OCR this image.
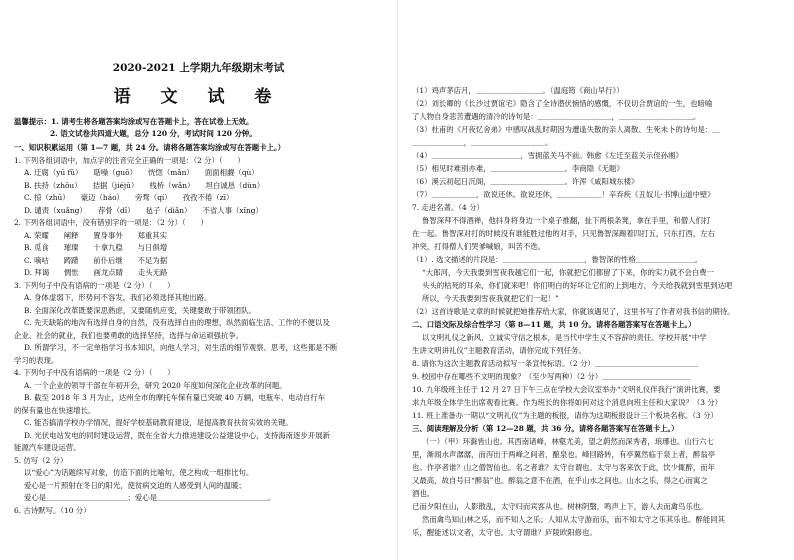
2020-2021 上学期九年级期末考试
语 文 试 卷
温馨提示：1. 请考生将各题答案均涂或写在答题卡上，答在试卷上无效。
2. 语文试卷共四道大题，总分 120 分，考试时间 120 分钟。
一、知识积累运用（第 1—7 题，共 24 分。请将各题答案均涂或写在答题卡上。）
1. 下列各组词语中，加点字的注音完全正确的一项是：（2 分）（　　）
A. 迂腐（yū fǔ）　　聒噪（guō）　　恍惚（mǎn）　　面面相觑（qù）
B. 扶持（zhǒu）　　拮据（jiéjū）　　栈桥（wǎn）　　坦白诚恳（dùn）
C. 掠（zhū）　　豪迈（háo）　　旁骛（qí）　　孜孜不倦（zī）
D. 谴责（xuǎng）　　荐骨（dǐ）　　毡子（diǎn）　　不省人事（xǐng）
2. 下列各组词语中，没有错别字的一项是：（2 分）（　　）
A. 荣耀　　阐释　　置身事外　　郑重其实
B. 觅食　　璀璨　　十拿九稳　　与日俱增
C. 嘀咕　　踌躇　　前仆后继　　不足为据
D. 拜谒　　惆怅　　画龙点睛　　走头无路
3. 下列句子中没有语病的一项是（2 分）（　　）
A. 身体虚弱下，形势问不容发，我们必须选择其他出路。
B. 全面深化改革既要深思熟虑，又要随机应变，关键要敢于带领团队。
C. 先天缺陷的地沟有选择自身的自然，没有选择自由的理想，纵然面临生活、工作的不便以及
企业、社会的就业，我们也要勇敢的选择坚持，选择与命运顽强抗争。
D. 所谓学习，不一定单指学习书本知识，向他人学习，对生活的细节观察、思考，这些都是不断
学习的表现。
4. 下列句子中没有语病的一项是（2 分）（　　）
A. 一个企业的领导干部在年初开会，研究 2020 年度如何深化企业改革的问题。
B. 截至 2018 年 3 月为止，达州全市的摩托车保有量已突破 40 万辆，电瓶车、电动自行车
的保有量也在快速增长。
C. 能否搞清学校办学情况，提好学校基础教育建设，是提高教育扶贫实效的关键。
D. 光伏电站发电的同时建设运营，既在全省大力推进建设公益建设中心，支持海南逐步开展新
能源汽车建设运营。
5. 仿写（2 分）
以“爱心”为话题续写对象，仿造下面的比喻句，使之构成一组排比句。
爱心是一片照射在冬日的阳光，使贫病交迫的人感受到人间的温暖；
爱心是＿＿＿＿＿＿＿＿＿＿＿；爱心是＿＿＿＿＿＿＿＿＿＿＿＿＿＿＿。
6. 古诗默写。（10 分）
（1）鸡声茅店月，＿＿＿＿＿＿＿＿＿。（温庭筠《商山早行》）
（2）刘长卿的《长沙过贾谊宅》隐含了全诗潜伏惋惜的感慨，不仅切合贾谊的一生，也暗喻
了人物自身悲苦遭遇的清冷的诗句是：＿＿＿＿＿＿＿＿＿＿，＿＿＿＿＿＿＿＿＿＿。
（3）杜甫的《月夜忆舍弟》中感叹战乱时期因为遭逢失散的亲人离散、生死未卜的诗句是：＿
＿＿＿＿＿＿＿，＿＿＿＿＿＿＿＿＿＿。
（4）＿＿＿＿＿＿＿＿＿＿＿＿，雪拥蓝关马不前。韩愈《左迁至蓝关示侄孙湘》
（5）相见时难别亦难，＿＿＿＿＿＿＿＿＿＿。李商隐《无题》
（6）溪云初起日沉阁，＿＿＿＿＿＿＿＿＿＿。许浑《咸阳城东楼》
（7）＿＿＿＿＿＿，欲说还休。欲说还休，＿＿＿＿＿＿！辛弃疾《丑奴儿·书博山道中壁》
7. 走进名著。（4 分）
鲁智深拜不得酒禅，他抖身将身边一个桌子推翻，扯下两根条凳，拿在手里，和僧人们打
在一起。鲁智深对打的时候没有谁能胜过他的对手，只见鲁智深踢着四打五，只东打西，左右
冲突，打得僧人们哭爹喊娘，叫苦不迭。
（1）. 选文描述的片段是：＿＿＿＿＿＿＿＿＿＿＿，鲁智深的性格＿＿＿＿＿＿＿＿。
“大郎河，今天我要到雪夜我越它们一起，你就把它们都留了下来，你的实力就不会白费一
头头的枯死的耳朵，你们就来吧！你们明白的好坏让它们的上到地方，今天给我就到雪里到达吧
所以，今天我要到雪夜我就把它们一起！”
（2）这首诗歌是文章的时候就把她推荐给大家，你就该遇见了，这里书写了作者对我书信的期待。
二、口语交际及综合性学习（第 8—11 题，共 10 分。请将各题答案写在答题卡上。）
以文明礼仪之新风，立诚实守信之根本，是当代中学生义不容辞的责任。学校开展“中学
生讲文明讲礼仪”主题教育活动，请你完成下列任务。
8. 请你为这次主题教育活动拟写一条宣传标语。（2 分）＿＿＿＿＿＿＿＿＿＿＿＿＿＿
9. 校园中存在哪些不文明的现象？（至少写两种）（2 分）＿＿＿＿＿＿＿＿＿＿＿＿
10. 九年级班主任于 12 月 27 日下午三点在学校大会议室举办“文明礼仪伴我行”演讲比赛，要
求九年级全体学生出席观看比赛。作为班长的你将如何对这个消息向班主任和大家说？（3 分）
11. 班上准备办一期以“文明礼仪”为主题的板报，请你为这期板报设计三个板块名称。（3 分）
三、阅读理解及分析（第 12—28 题，共 36 分。请将各题答案写在答题卡上。）
（一）（甲）环滁皆山也。其西南诸峰，林壑尤美，望之蔚然而深秀者，琅琊也。山行六七
里，渐闻水声潺潺，而泻出于两峰之间者，酿泉也。峰回路转，有亭翼然临于泉上者，醉翁亭
也。作亭者谁？山之僧智仙也。名之者谁？太守自谓也。太守与客来饮于此，饮少辄醉，而年
又最高，故自号曰“醉翁”也。醉翁之意不在酒，在乎山水之间也。山水之乐，得之心而寓之
酒也。
已而夕阳在山，人影散乱，太守归而宾客从也。树林阴翳，鸣声上下，游人去而禽鸟乐也。
然而禽鸟知山林之乐，而不知人之乐；人知从太守游而乐，而不知太守之乐其乐也。醉能同其
乐，醒能述以文者，太守也。太守谓谁？庐陵欧阳修也。
